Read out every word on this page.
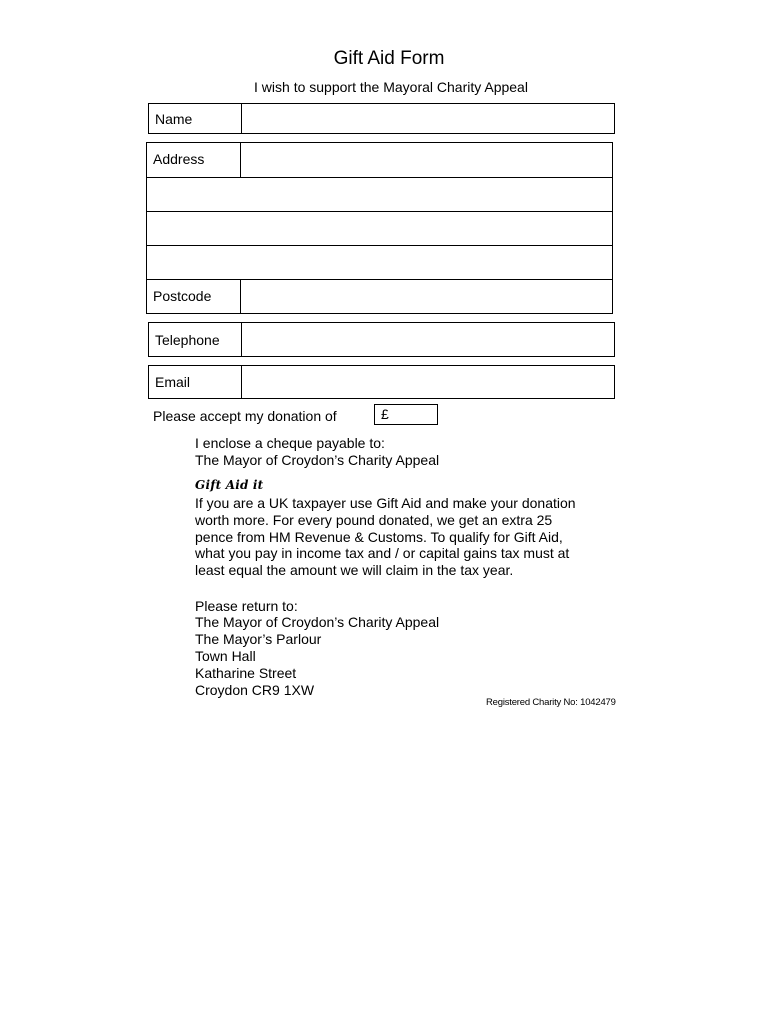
Gift Aid Form
I wish to support the Mayoral Charity Appeal
Name
Address
Postcode
Telephone
Email
Please accept my donation of	£
I enclose a cheque payable to:
The Mayor of Croydon’s Charity Appeal
Gift Aid it
If you are a UK taxpayer use Gift Aid and make your donation
worth more. For every pound donated, we get an extra 25
pence from HM Revenue & Customs. To qualify for Gift Aid,
what you pay in income tax and / or capital gains tax must at
least equal the amount we will claim in the tax year.
Please return to:
The Mayor of Croydon’s Charity Appeal
The Mayor’s Parlour
Town Hall
Katharine Street
Croydon CR9 1XW
Registered Charity No: 1042479
